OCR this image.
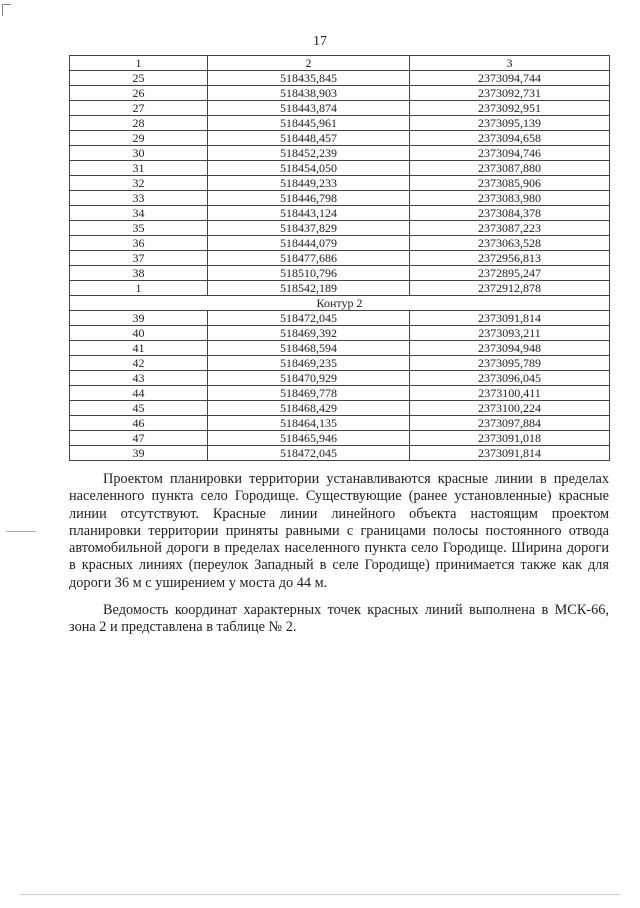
17
1	2	3
25	518435,845	2373094,744
26	518438,903	2373092,731
27	518443,874	2373092,951
28	518445,961	2373095,139
29	518448,457	2373094,658
30	518452,239	2373094,746
31	518454,050	2373087,880
32	518449,233	2373085,906
33	518446,798	2373083,980
34	518443,124	2373084,378
35	518437,829	2373087,223
36	518444,079	2373063,528
37	518477,686	2372956,813
38	518510,796	2372895,247
1	518542,189	2372912,878
Контур 2		
39	518472,045	2373091,814
40	518469,392	2373093,211
41	518468,594	2373094,948
42	518469,235	2373095,789
43	518470,929	2373096,045
44	518469,778	2373100,411
45	518468,429	2373100,224
46	518464,135	2373097,884
47	518465,946	2373091,018
39	518472,045	2373091,814

Проектом планировки территории устанавливаются красные линии в пределах населенного пункта село Городище. Существующие (ранее установленные) красные линии отсутствуют. Красные линии линейного объекта настоящим проектом планировки территории приняты равными с границами полосы постоянного отвода автомобильной дороги в пределах населенного пункта село Городище. Ширина дороги в красных линиях (переулок Западный в селе Городище) принимается также как для дороги 36 м с уширением у моста до 44 м.

Ведомость координат характерных точек красных линий выполнена в МСК-66, зона 2 и представлена в таблице № 2.
